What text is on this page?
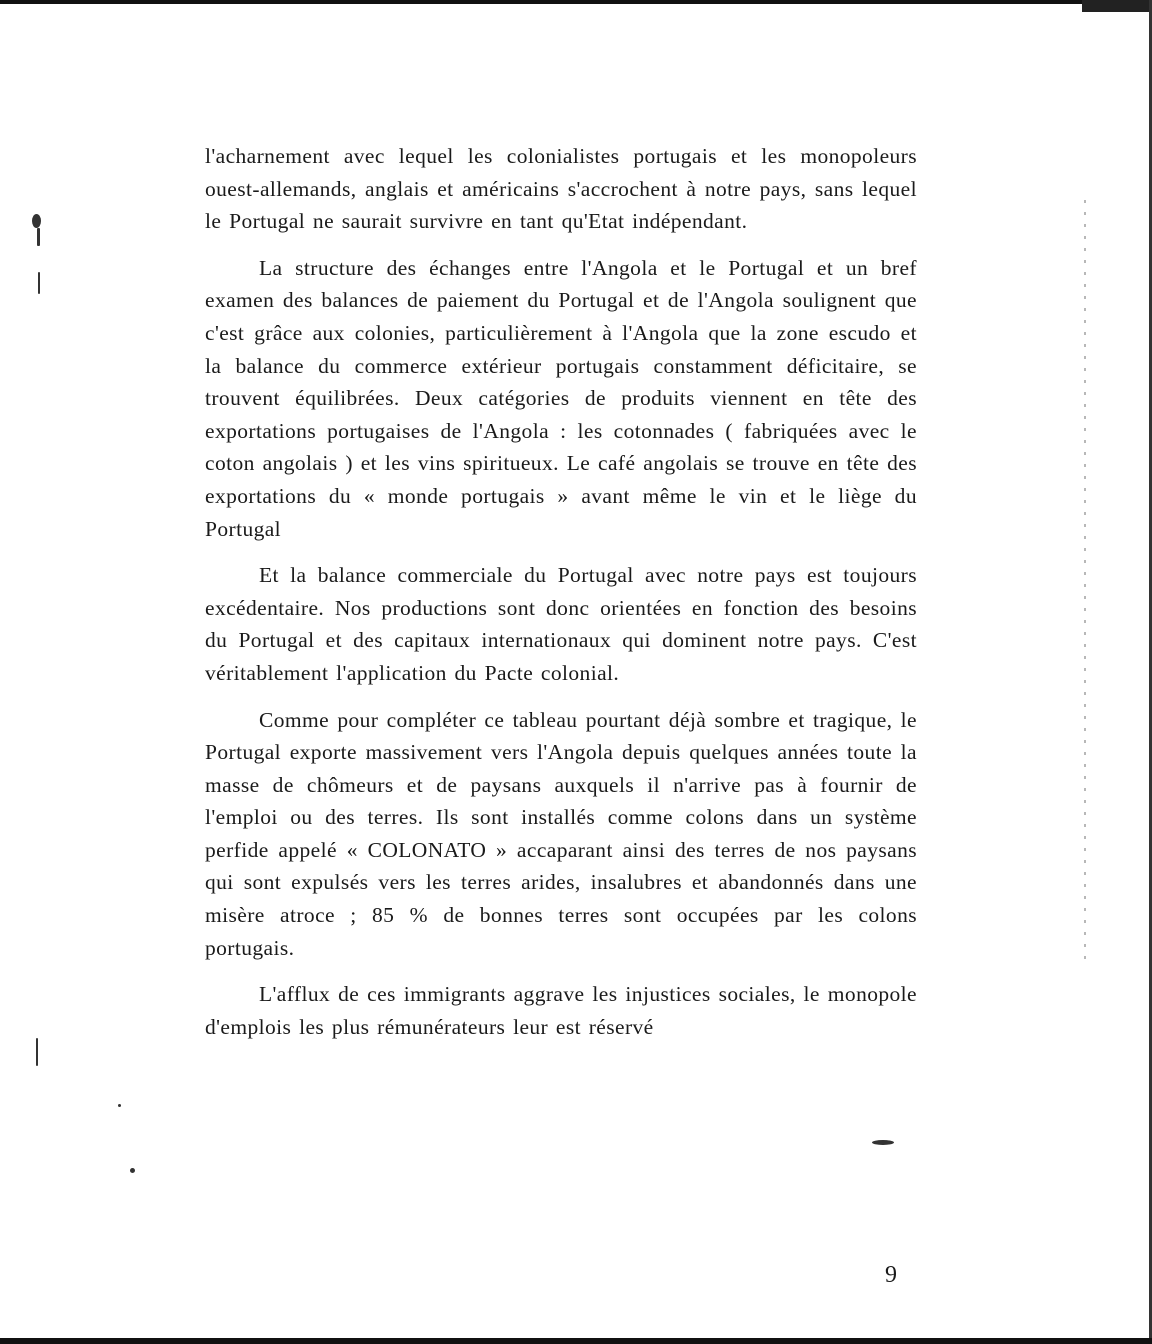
l'acharnement avec lequel les colonialistes portugais et les monopoleurs ouest-allemands, anglais et américains s'accrochent à notre pays, sans lequel le Portugal ne saurait survivre en tant qu'Etat indépendant.

La structure des échanges entre l'Angola et le Portugal et un bref examen des balances de paiement du Portugal et de l'Angola soulignent que c'est grâce aux colonies, particulièrement à l'Angola que la zone escudo et la balance du commerce extérieur portugais constamment déficitaire, se trouvent équilibrées. Deux catégories de produits viennent en tête des exportations portugaises de l'Angola : les cotonnades ( fabriquées avec le coton angolais ) et les vins spiritueux. Le café angolais se trouve en tête des exportations du « monde portugais » avant même le vin et le liège du Portugal

Et la balance commerciale du Portugal avec notre pays est toujours excédentaire. Nos productions sont donc orientées en fonction des besoins du Portugal et des capitaux internationaux qui dominent notre pays. C'est véritablement l'application du Pacte colonial.

Comme pour compléter ce tableau pourtant déjà sombre et tragique, le Portugal exporte massivement vers l'Angola depuis quelques années toute la masse de chômeurs et de paysans auxquels il n'arrive pas à fournir de l'emploi ou des terres. Ils sont installés comme colons dans un système perfide appelé « COLONATO » accaparant ainsi des terres de nos paysans qui sont expulsés vers les terres arides, insalubres et abandonnés dans une misère atroce ; 85 % de bonnes terres sont occupées par les colons portugais.

L'afflux de ces immigrants aggrave les injustices sociales, le monopole d'emplois les plus rémunérateurs leur est réservé

9
